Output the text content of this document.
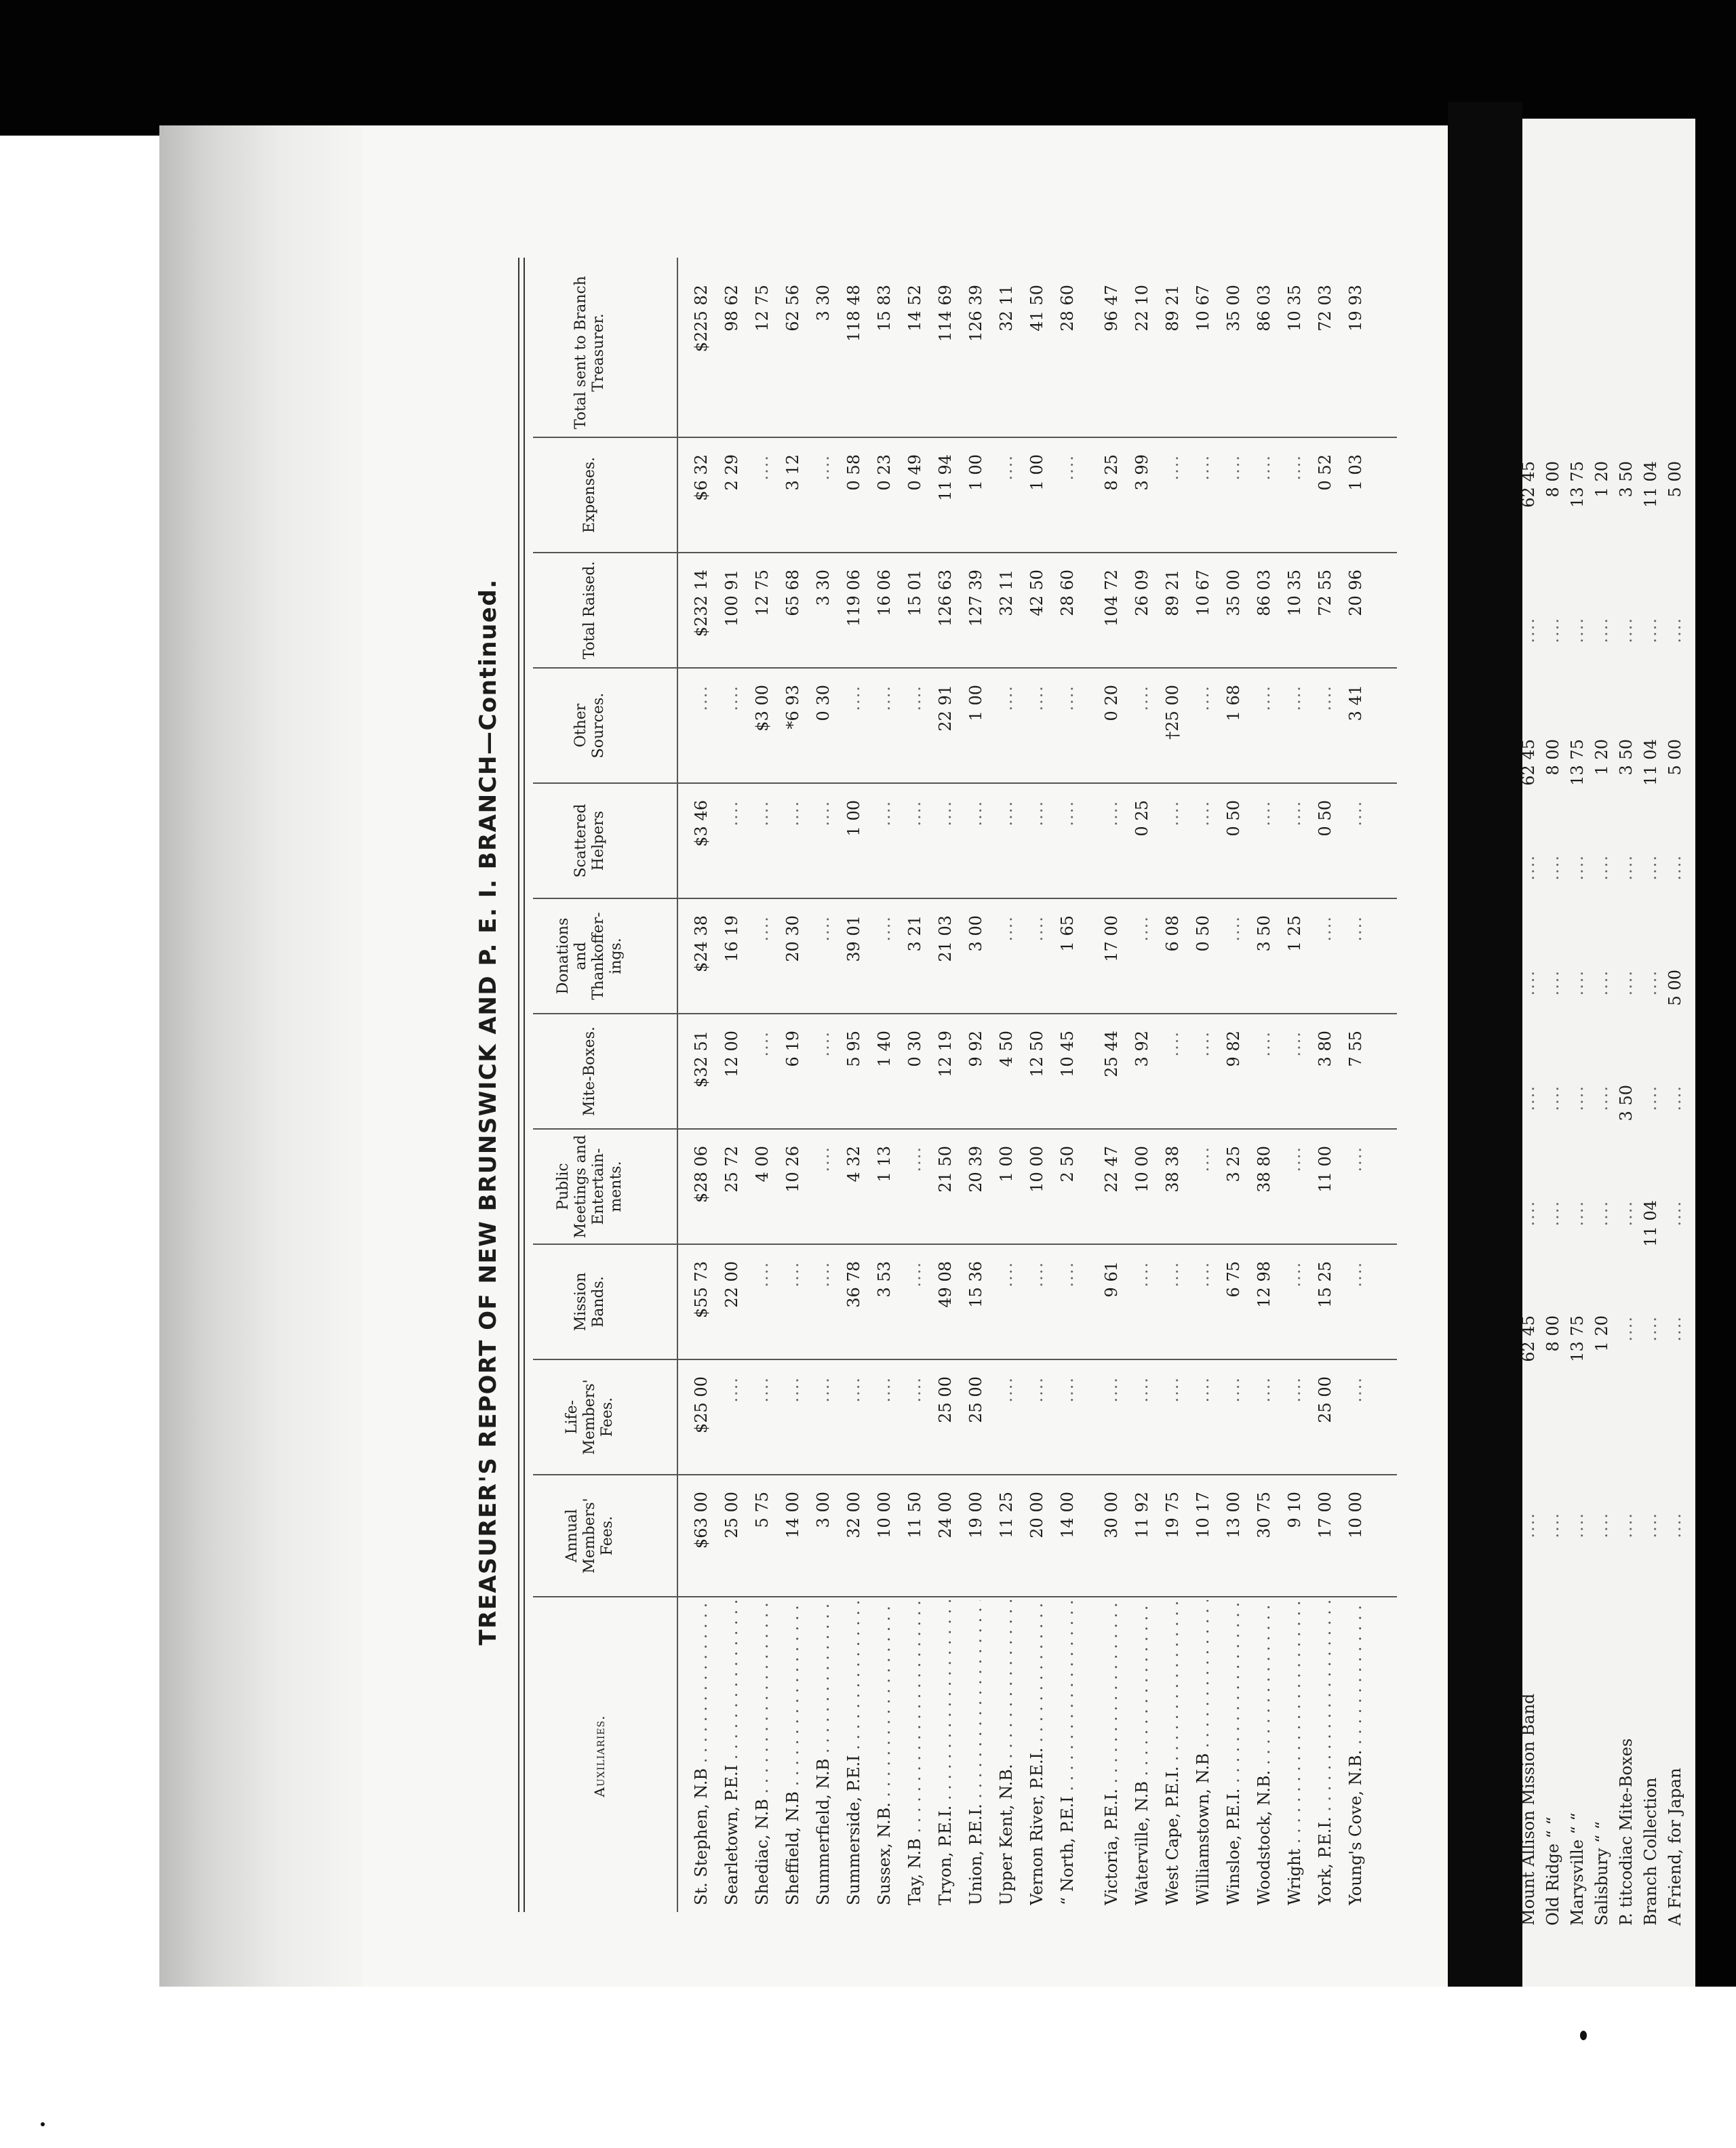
TREASURER'S REPORT OF NEW BRUNSWICK AND P. E. I. BRANCH—Continued.
Auxiliaries.
Annual Members' Fees.
Life-Members' Fees.
Mission Bands.
Public Meetings and Entertain- ments.
Mite-Boxes.
Donations and Thankoffer- ings.
Scattered Helpers
Other Sources.
Total Raised.
Expenses.
Total sent to Branch Treasurer.
St. Stephen, N.B . . .
$63 00
$25 00
$55 73
$28 06
$32 51
$24 38
$3 46
....
$232 14
$6 32
$225 82
Searletown, P.E.I . . .
25 00
....
22 00
25 72
12 00
16 19
....
....
100 91
2 29
98 62
Shediac, N.B . . .
5 75
....
....
4 00
....
....
....
$3 00
12 75
....
12 75
Sheffield, N.B . . .
14 00
....
....
10 26
6 19
20 30
....
*6 93
65 68
3 12
62 56
Summerfield, N.B . . .
3 00
....
....
....
....
....
....
0 30
3 30
....
3 30
Summerside, P.E.I . . .
32 00
....
36 78
4 32
5 95
39 01
1 00
....
119 06
0 58
118 48
Sussex, N.B. . . .
10 00
....
3 53
1 13
1 40
....
....
....
16 06
0 23
15 83
Tay, N.B . . .
11 50
....
....
....
0 30
3 21
....
....
15 01
0 49
14 52
Tryon, P.E.I. . . .
24 00
25 00
49 08
21 50
12 19
21 03
....
22 91
126 63
11 94
114 69
Union, P.E.I. . . .
19 00
25 00
15 36
20 39
9 92
3 00
....
1 00
127 39
1 00
126 39
Upper Kent, N.B. . . .
11 25
....
....
1 00
4 50
....
....
....
32 11
....
32 11
Vernon River, P.E.I. . . .
20 00
....
....
10 00
12 50
....
....
....
42 50
1 00
41 50
“ North, P.E.I . . .
14 00
....
....
2 50
10 45
1 65
....
....
28 60
....
28 60
Victoria, P.E.I. . . .
30 00
....
9 61
22 47
25 44
17 00
....
0 20
104 72
8 25
96 47
Waterville, N.B . . .
11 92
....
....
10 00
3 92
....
0 25
....
26 09
3 99
22 10
West Cape, P.E.I. . . .
19 75
....
....
38 38
....
6 08
....
†25 00
89 21
....
89 21
Williamstown, N.B . . .
10 17
....
....
....
....
0 50
....
....
10 67
....
10 67
Winsloe, P.E.I. . . .
13 00
....
6 75
3 25
9 82
....
0 50
1 68
35 00
....
35 00
Woodstock, N.B. . . .
30 75
....
12 98
38 80
....
3 50
....
....
86 03
....
86 03
Wright . . .
9 10
....
....
....
....
1 25
....
....
10 35
....
10 35
York, P.E.I. . . .
17 00
25 00
15 25
11 00
3 80
....
0 50
....
72 55
0 52
72 03
Young's Cove, N.B. . . .
10 00
....
....
....
7 55
....
....
3 41
20 96
1 03
19 93
Mount Allison Mission Band
....
62 45
....
....
....
....
62 45
....
62 45
Old Ridge “ “
....
8 00
....
....
....
....
8 00
....
8 00
Marysville “ “
....
13 75
....
....
....
....
13 75
....
13 75
Salisbury “ “
....
1 20
....
....
....
....
1 20
....
1 20
P. titcodiac Mite-Boxes
....
....
....
3 50
....
....
3 50
....
3 50
Branch Collection
....
....
11 04
....
....
....
11 04
....
11 04
A Friend, for Japan
....
....
....
....
5 00
....
5 00
....
5 00
